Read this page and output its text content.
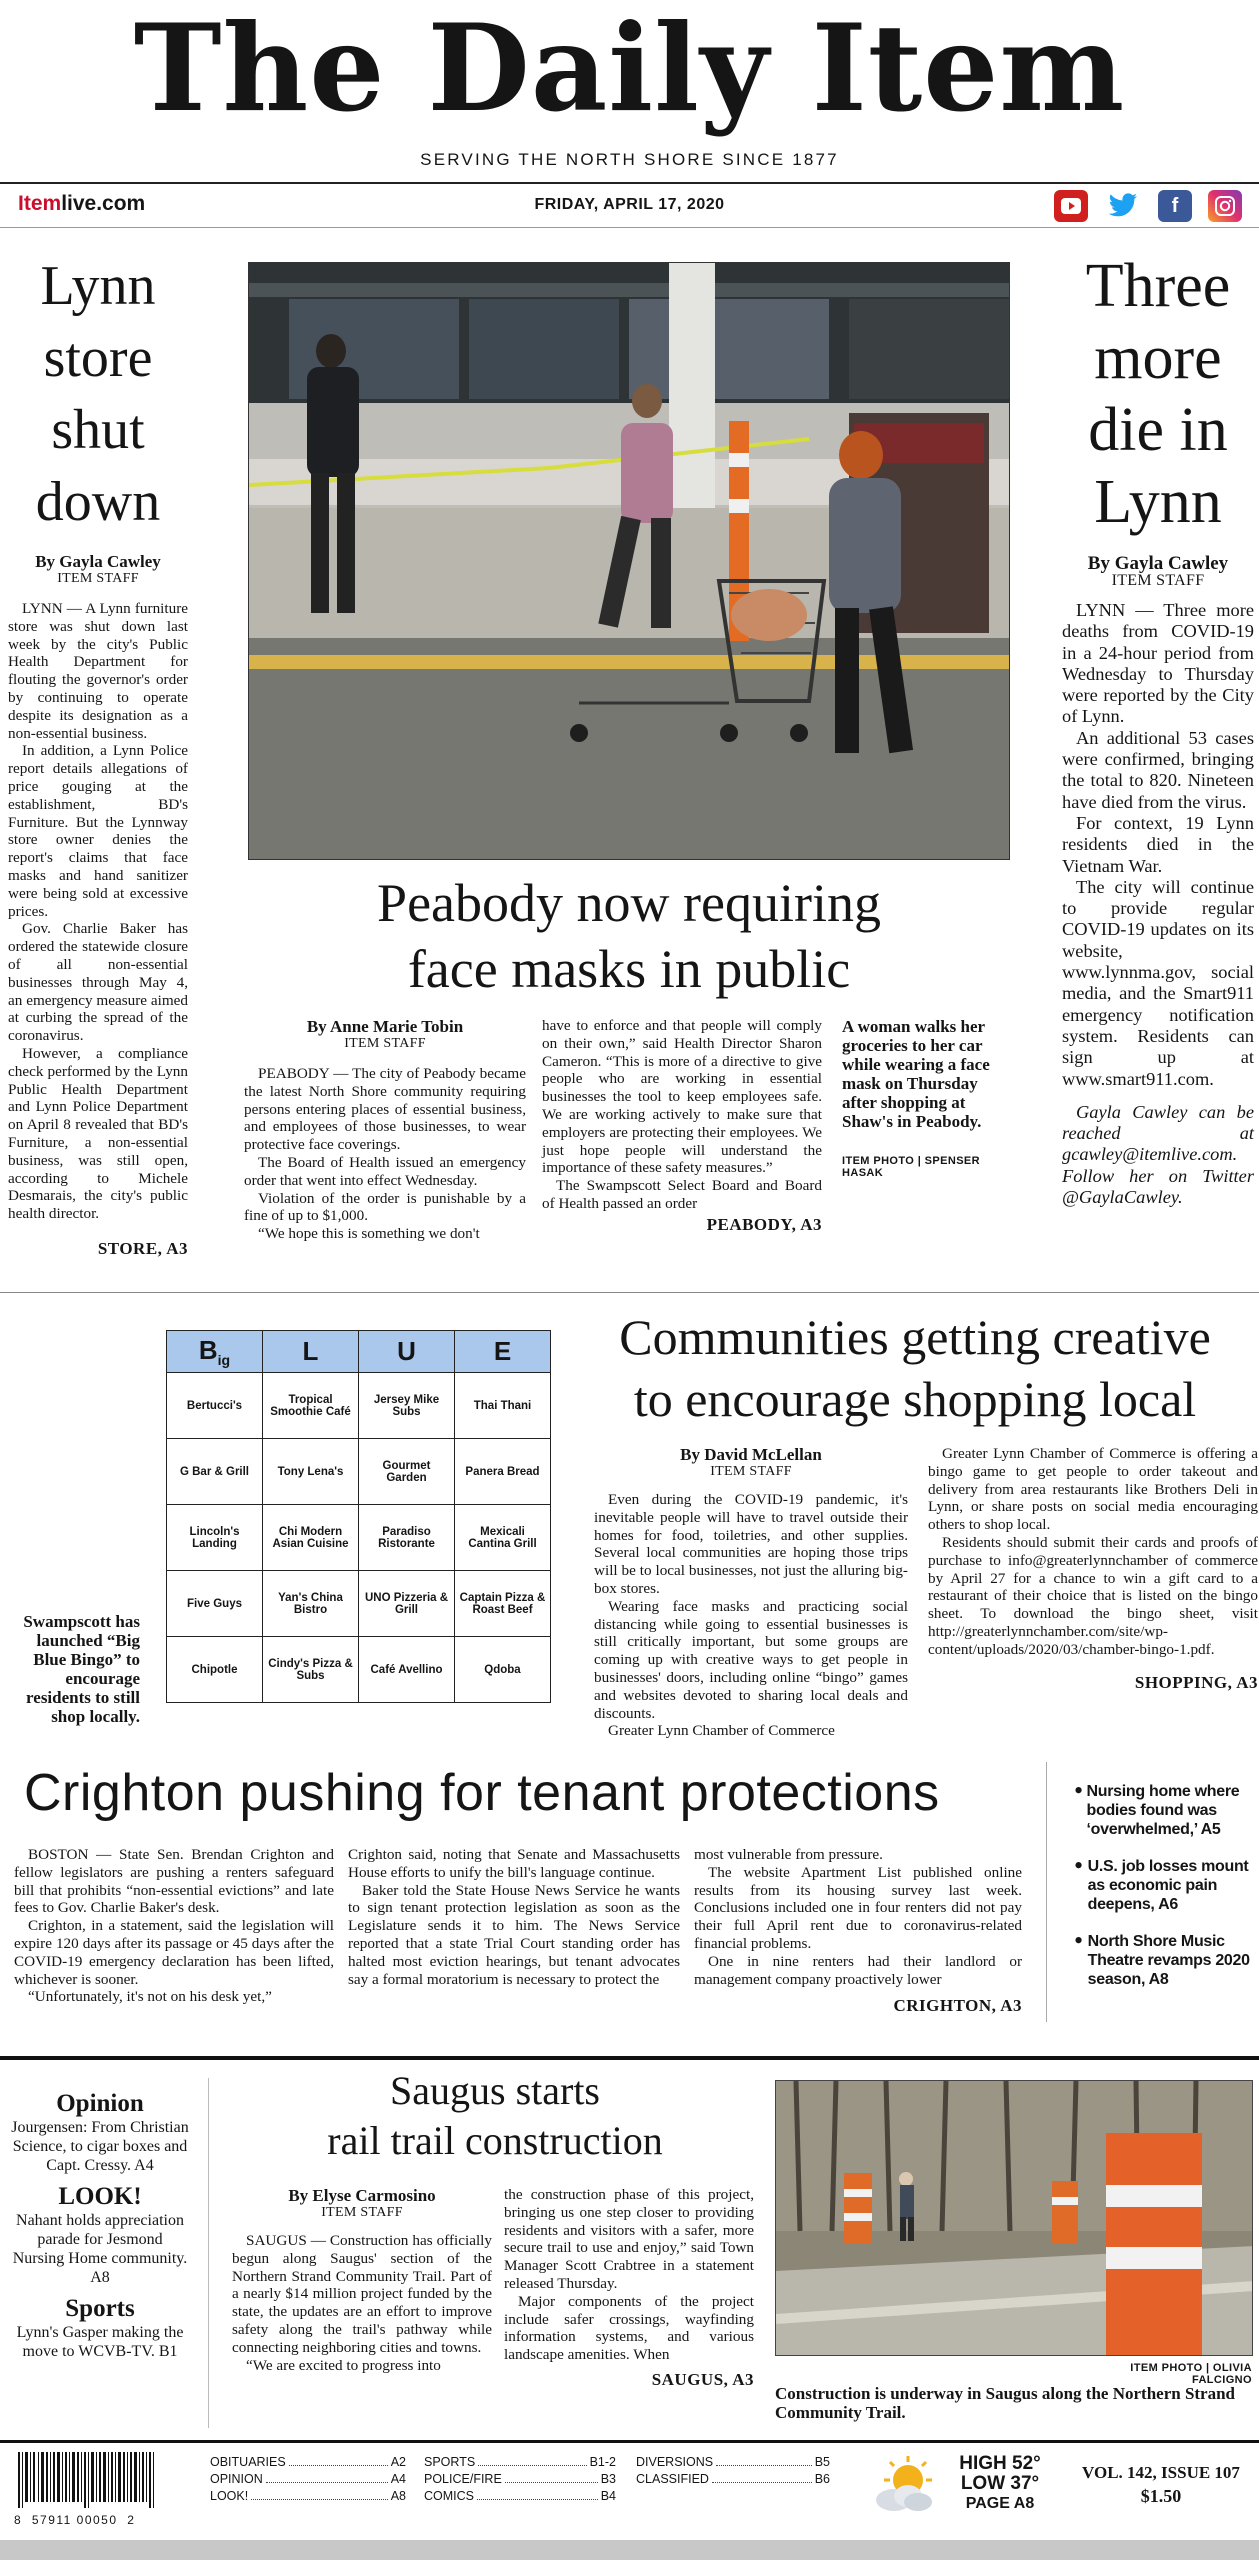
The Daily Item
SERVING THE NORTH SHORE SINCE 1877
Itemlive.com	FRIDAY, APRIL 17, 2020	f
Lynn store shut down
By Gayla Cawley
ITEM STAFF

LYNN — A Lynn furniture store was shut down last week by the city's Public Health Department for flouting the governor's order by continuing to operate despite its designation as a non-essential business.

In addition, a Lynn Police report details allegations of price gouging at the establishment, BD's Furniture. But the Lynnway store owner denies the report's claims that face masks and hand sanitizer were being sold at excessive prices.

Gov. Charlie Baker has ordered the statewide closure of all non-essential businesses through May 4, an emergency measure aimed at curbing the spread of the coronavirus.

However, a compliance check performed by the Lynn Public Health Department and Lynn Police Department on April 8 revealed that BD's Furniture, a non-essential business, was still open, according to Michele Desmarais, the city's public health director.

STORE, A3
Peabody now requiring
face masks in public
By Anne Marie Tobin
ITEM STAFF

PEABODY — The city of Peabody became the latest North Shore community requiring persons entering places of essential business, and employees of those businesses, to wear protective face coverings.

The Board of Health issued an emergency order that went into effect Wednesday.

Violation of the order is punishable by a fine of up to $1,000.

“We hope this is something we don't

have to enforce and that people will comply on their own,” said Health Director Sharon Cameron. “This is more of a directive to give people who are working in essential businesses the tool to keep employees safe. We are working actively to make sure that employers are protecting their employees. We just hope people will understand the importance of these safety measures.”

The Swampscott Select Board and Board of Health passed an order

PEABODY, A3
A woman walks her groceries to her car while wearing a face mask on Thursday after shopping at Shaw's in Peabody.
ITEM PHOTO | SPENSER HASAK
Three more die in Lynn
By Gayla Cawley
ITEM STAFF

LYNN — Three more deaths from COVID-19 in a 24-hour period from Wednesday to Thursday were reported by the City of Lynn.

An additional 53 cases were confirmed, bringing the total to 820. Nineteen have died from the virus.

For context, 19 Lynn residents died in the Vietnam War.

The city will continue to provide regular COVID-19 updates on its website, www.lynnma.gov, social media, and the Smart911 emergency notification system. Residents can sign up at www.smart911.com.

Gayla Cawley can be reached at gcawley@itemlive.com. Follow her on Twitter @GaylaCawley.
$B_{ig}$	L	U	E
Bertucci's	Tropical Smoothie Café	Jersey Mike Subs	Thai Thani
G Bar & Grill	Tony Lena's	Gourmet Garden	Panera Bread
Lincoln's Landing	Chi Modern Asian Cuisine	Paradiso Ristorante	Mexicali Cantina Grill
Five Guys	Yan's China Bistro	UNO Pizzeria & Grill	Captain Pizza & Roast Beef
Chipotle	Cindy's Pizza & Subs	Café Avellino	Qdoba
Swampscott has launched “Big Blue Bingo” to encourage residents to still shop locally.
Communities getting creative
to encourage shopping local
By David McLellan
ITEM STAFF

Even during the COVID-19 pandemic, it's inevitable people will have to travel outside their homes for food, toiletries, and other supplies. Several local communities are hoping those trips will be to local businesses, not just the alluring big-box stores.

Wearing face masks and practicing social distancing while going to essential businesses is still critically important, but some groups are coming up with creative ways to get people in businesses' doors, including online “bingo” games and websites devoted to sharing local deals and discounts.

Greater Lynn Chamber of Commerce

Greater Lynn Chamber of Commerce is offering a bingo game to get people to order takeout and delivery from area restaurants like Brothers Deli in Lynn, or share posts on social media encouraging others to shop local.

Residents should submit their cards and proofs of purchase to info@greaterlynnchamber of commerce by April 27 for a chance to win a gift card to a restaurant of their choice that is listed on the bingo sheet. To download the bingo sheet, visit http://greaterlynnchamber.com/site/wp-content/uploads/2020/03/chamber-bingo-1.pdf.

SHOPPING, A3
Crighton pushing for tenant protections

BOSTON — State Sen. Brendan Crighton and fellow legislators are pushing a renters safeguard bill that prohibits “non-essential evictions” and late fees to Gov. Charlie Baker's desk.

Crighton, in a statement, said the legislation will expire 120 days after its passage or 45 days after the COVID-19 emergency declaration has been lifted, whichever is sooner.

“Unfortunately, it's not on his desk yet,”

Crighton said, noting that Senate and Massachusetts House efforts to unify the bill's language continue.

Baker told the State House News Service he wants to sign tenant protection legislation as soon as the Legislature sends it to him. The News Service reported that a state Trial Court standing order has halted most eviction hearings, but tenant advocates say a formal moratorium is necessary to protect the

most vulnerable from pressure.

The website Apartment List published online results from its housing survey last week. Conclusions included one in four renters did not pay their full April rent due to coronavirus-related financial problems.

One in nine renters had their landlord or management company proactively lower

CRIGHTON, A3
• Nursing home where bodies found was ‘overwhelmed,’ A5
• U.S. job losses mount as economic pain deepens, A6
• North Shore Music Theatre revamps 2020 season, A8
Opinion

Jourgensen: From Christian Science, to cigar boxes and Capt. Cressy. A4

LOOK!

Nahant holds appreciation parade for Jesmond Nursing Home community. A8

Sports

Lynn's Gasper making the move to WCVB-TV. B1

Saugus starts
rail trail construction
By Elyse Carmosino
ITEM STAFF

SAUGUS — Construction has officially begun along Saugus' section of the Northern Strand Community Trail. Part of a nearly $14 million project funded by the state, the updates are an effort to improve safety along the trail's pathway while connecting neighboring cities and towns.

“We are excited to progress into

the construction phase of this project, bringing us one step closer to providing residents and visitors with a safer, more secure trail to use and enjoy,” said Town Manager Scott Crabtree in a statement released Thursday.

Major components of the project include safer crossings, wayfinding information systems, and various landscape amenities. When

SAUGUS, A3
ITEM PHOTO | OLIVIA FALCIGNO
Construction is underway in Saugus along the Northern Strand Community Trail.
8  57911 00050  2
OBITUARIES	A2
OPINION	A4
LOOK!	A8
SPORTS	B1-2
POLICE/FIRE	B3
COMICS	B4
DIVERSIONS	B5
CLASSIFIED	B6
HIGH 52°
LOW 37°
PAGE A8
VOL. 142, ISSUE 107
$1.50
